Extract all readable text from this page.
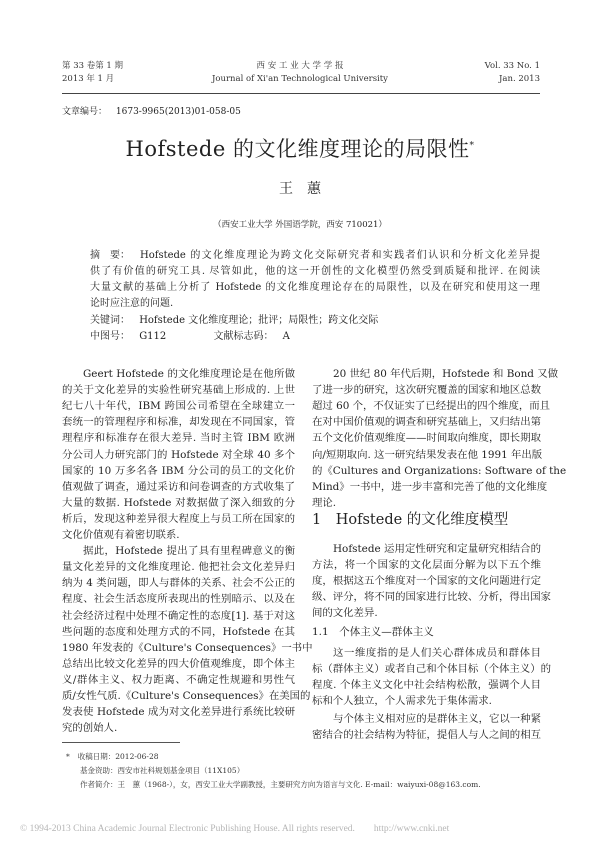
第 33 卷第 1 期
2013 年 1 月
西 安 工 业 大 学 学 报
Journal of Xi'an Technological University
Vol. 33 No. 1
Jan. 2013
文章编号： 1673-9965(2013)01-058-05
Hofstede 的文化维度理论的局限性*
王　蕙
（西安工业大学 外国语学院，西安 710021）
摘　要： Hofstede 的文化维度理论为跨文化交际研究者和实践者们认识和分析文化差异提
供了有价值的研究工具. 尽管如此，他的这一开创性的文化模型仍然受到质疑和批评. 在阅读
大量文献的基础上分析了 Hofstede 的文化维度理论存在的局限性，以及在研究和使用这一理
论时应注意的问题.
关键词： Hofstede 文化维度理论；批评；局限性；跨文化交际
中图号： G112	文献标志码： A
Geert Hofstede 的文化维度理论是在他所做
的关于文化差异的实验性研究基础上形成的. 上世
纪七八十年代，IBM 跨国公司希望在全球建立一
套统一的管理程序和标准，却发现在不同国家，管
理程序和标准存在很大差异. 当时主管 IBM 欧洲
分公司人力研究部门的 Hofstede 对全球 40 多个
国家的 10 万多名各 IBM 分公司的员工的文化价
值观做了调查，通过采访和问卷调查的方式收集了
大量的数据. Hofstede 对数据做了深入细致的分
析后，发现这种差异很大程度上与员工所在国家的
文化价值观有着密切联系.
据此，Hofstede 提出了具有里程碑意义的衡
量文化差异的文化维度理论. 他把社会文化差异归
纳为 4 类问题，即人与群体的关系、社会不公正的
程度、社会生活态度所表现出的性别暗示、以及在
社会经济过程中处理不确定性的态度[1]. 基于对这
些问题的态度和处理方式的不同，Hofstede 在其
1980 年发表的《Culture's Consequences》一书中
总结出比较文化差异的四大价值观维度，即个体主
义/群体主义、权力距离、不确定性规避和男性气
质/女性气质.《Culture's Consequences》在美国的
发表使 Hofstede 成为对文化差异进行系统比较研
究的创始人.
20 世纪 80 年代后期，Hofstede 和 Bond 又做
了进一步的研究，这次研究覆盖的国家和地区总数
超过 60 个，不仅证实了已经提出的四个维度，而且
在对中国价值观的调查和研究基础上，又归结出第
五个文化价值观维度——时间取向维度，即长期取
向/短期取向. 这一研究结果发表在他 1991 年出版
的《Cultures and Organizations: Software of the
Mind》一书中，进一步丰富和完善了他的文化维度
理论.
1　Hofstede 的文化维度模型
Hofstede 运用定性研究和定量研究相结合的
方法，将一个国家的文化层面分解为以下五个维
度，根据这五个维度对一个国家的文化问题进行定
级、评分，将不同的国家进行比较、分析，得出国家
间的文化差异.
1.1　个体主义—群体主义
这一维度指的是人们关心群体成员和群体目
标（群体主义）或者自己和个体目标（个体主义）的
程度. 个体主义文化中社会结构松散，强调个人目
标和个人独立，个人需求先于集体需求.
与个体主义相对应的是群体主义，它以一种紧
密结合的社会结构为特征，提倡人与人之间的相互
* 收稿日期：2012-06-28
基金资助：西安市社科规划基金项目（11X105）
作者简介：王　蕙（1968-），女，西安工业大学副教授，主要研究方向为语言与文化. E-mail：waiyuxi-08@163.com.
© 1994-2013 China Academic Journal Electronic Publishing House. All rights reserved.　　http://www.cnki.net
